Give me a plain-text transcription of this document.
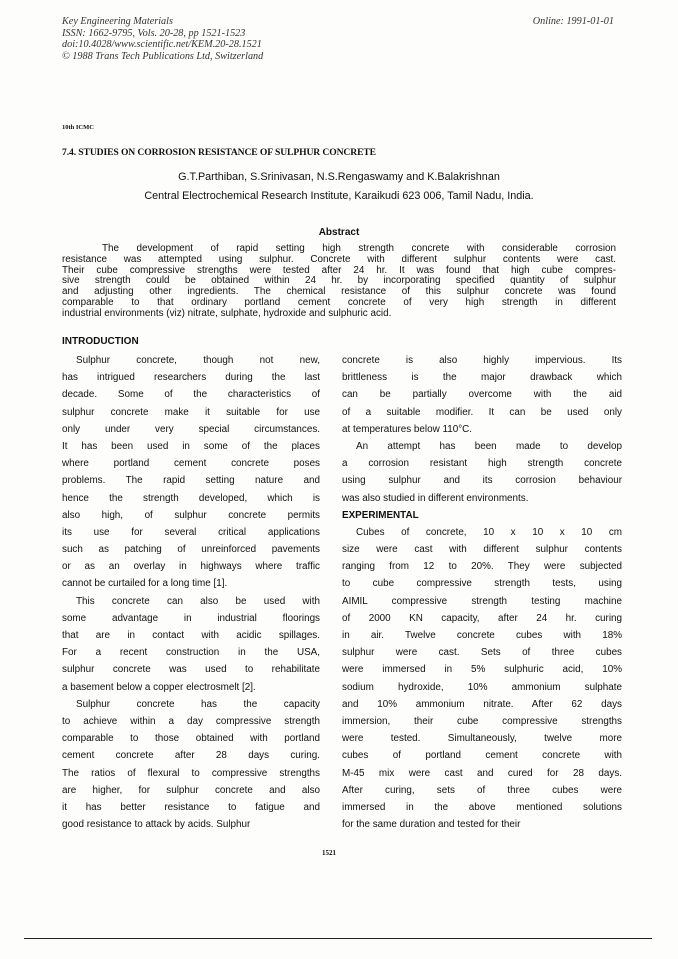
Key Engineering Materials
ISSN: 1662-9795, Vols. 20-28, pp 1521-1523
doi:10.4028/www.scientific.net/KEM.20-28.1521
© 1988 Trans Tech Publications Ltd, Switzerland
Online: 1991-01-01
10th ICMC
7.4. STUDIES ON CORROSION RESISTANCE OF SULPHUR CONCRETE
G.T.Parthiban, S.Srinivasan, N.S.Rengaswamy and K.Balakrishnan
Central Electrochemical Research Institute, Karaikudi 623 006, Tamil Nadu, India.
Abstract
The development of rapid setting high strength concrete with considerable corrosion
resistance was attempted using sulphur. Concrete with different sulphur contents were cast.
Their cube compressive strengths were tested after 24 hr. It was found that high cube compres-
sive strength could be obtained within 24 hr. by incorporating specified quantity of sulphur
and adjusting other ingredients. The chemical resistance of this sulphur concrete was found
comparable to that ordinary portland cement concrete of very high strength in different
industrial environments (viz) nitrate, sulphate, hydroxide and sulphuric acid.
INTRODUCTION
Sulphur concrete, though not new,
has intrigued researchers during the last
decade. Some of the characteristics of
sulphur concrete make it suitable for use
only under very special circumstances.
It has been used in some of the places
where portland cement concrete poses
problems. The rapid setting nature and
hence the strength developed, which is
also high, of sulphur concrete permits
its use for several critical applications
such as patching of unreinforced pavements
or as an overlay in highways where traffic
cannot be curtailed for a long time [1].
This concrete can also be used with
some advantage in industrial floorings
that are in contact with acidic spillages.
For a recent construction in the USA,
sulphur concrete was used to rehabilitate
a basement below a copper electrosmelt [2].
Sulphur concrete has the capacity
to achieve within a day compressive strength
comparable to those obtained with portland
cement concrete after 28 days curing.
The ratios of flexural to compressive strengths
are higher, for sulphur concrete and also
it has better resistance to fatigue and
good resistance to attack by acids. Sulphur
concrete is also highly impervious. Its
brittleness is the major drawback which
can be partially overcome with the aid
of a suitable modifier. It can be used only
at temperatures below 110°C.
An attempt has been made to develop
a corrosion resistant high strength concrete
using sulphur and its corrosion behaviour
was also studied in different environments.
EXPERIMENTAL
Cubes of concrete, 10 x 10 x 10 cm
size were cast with different sulphur contents
ranging from 12 to 20%. They were subjected
to cube compressive strength tests, using
AIMIL compressive strength testing machine
of 2000 KN capacity, after 24 hr. curing
in air. Twelve concrete cubes with 18%
sulphur were cast. Sets of three cubes
were immersed in 5% sulphuric acid, 10%
sodium hydroxide, 10% ammonium sulphate
and 10% ammonium nitrate. After 62 days
immersion, their cube compressive strengths
were tested. Simultaneously, twelve more
cubes of portland cement concrete with
M-45 mix were cast and cured for 28 days.
After curing, sets of three cubes were
immersed in the above mentioned solutions
for the same duration and tested for their
1521
